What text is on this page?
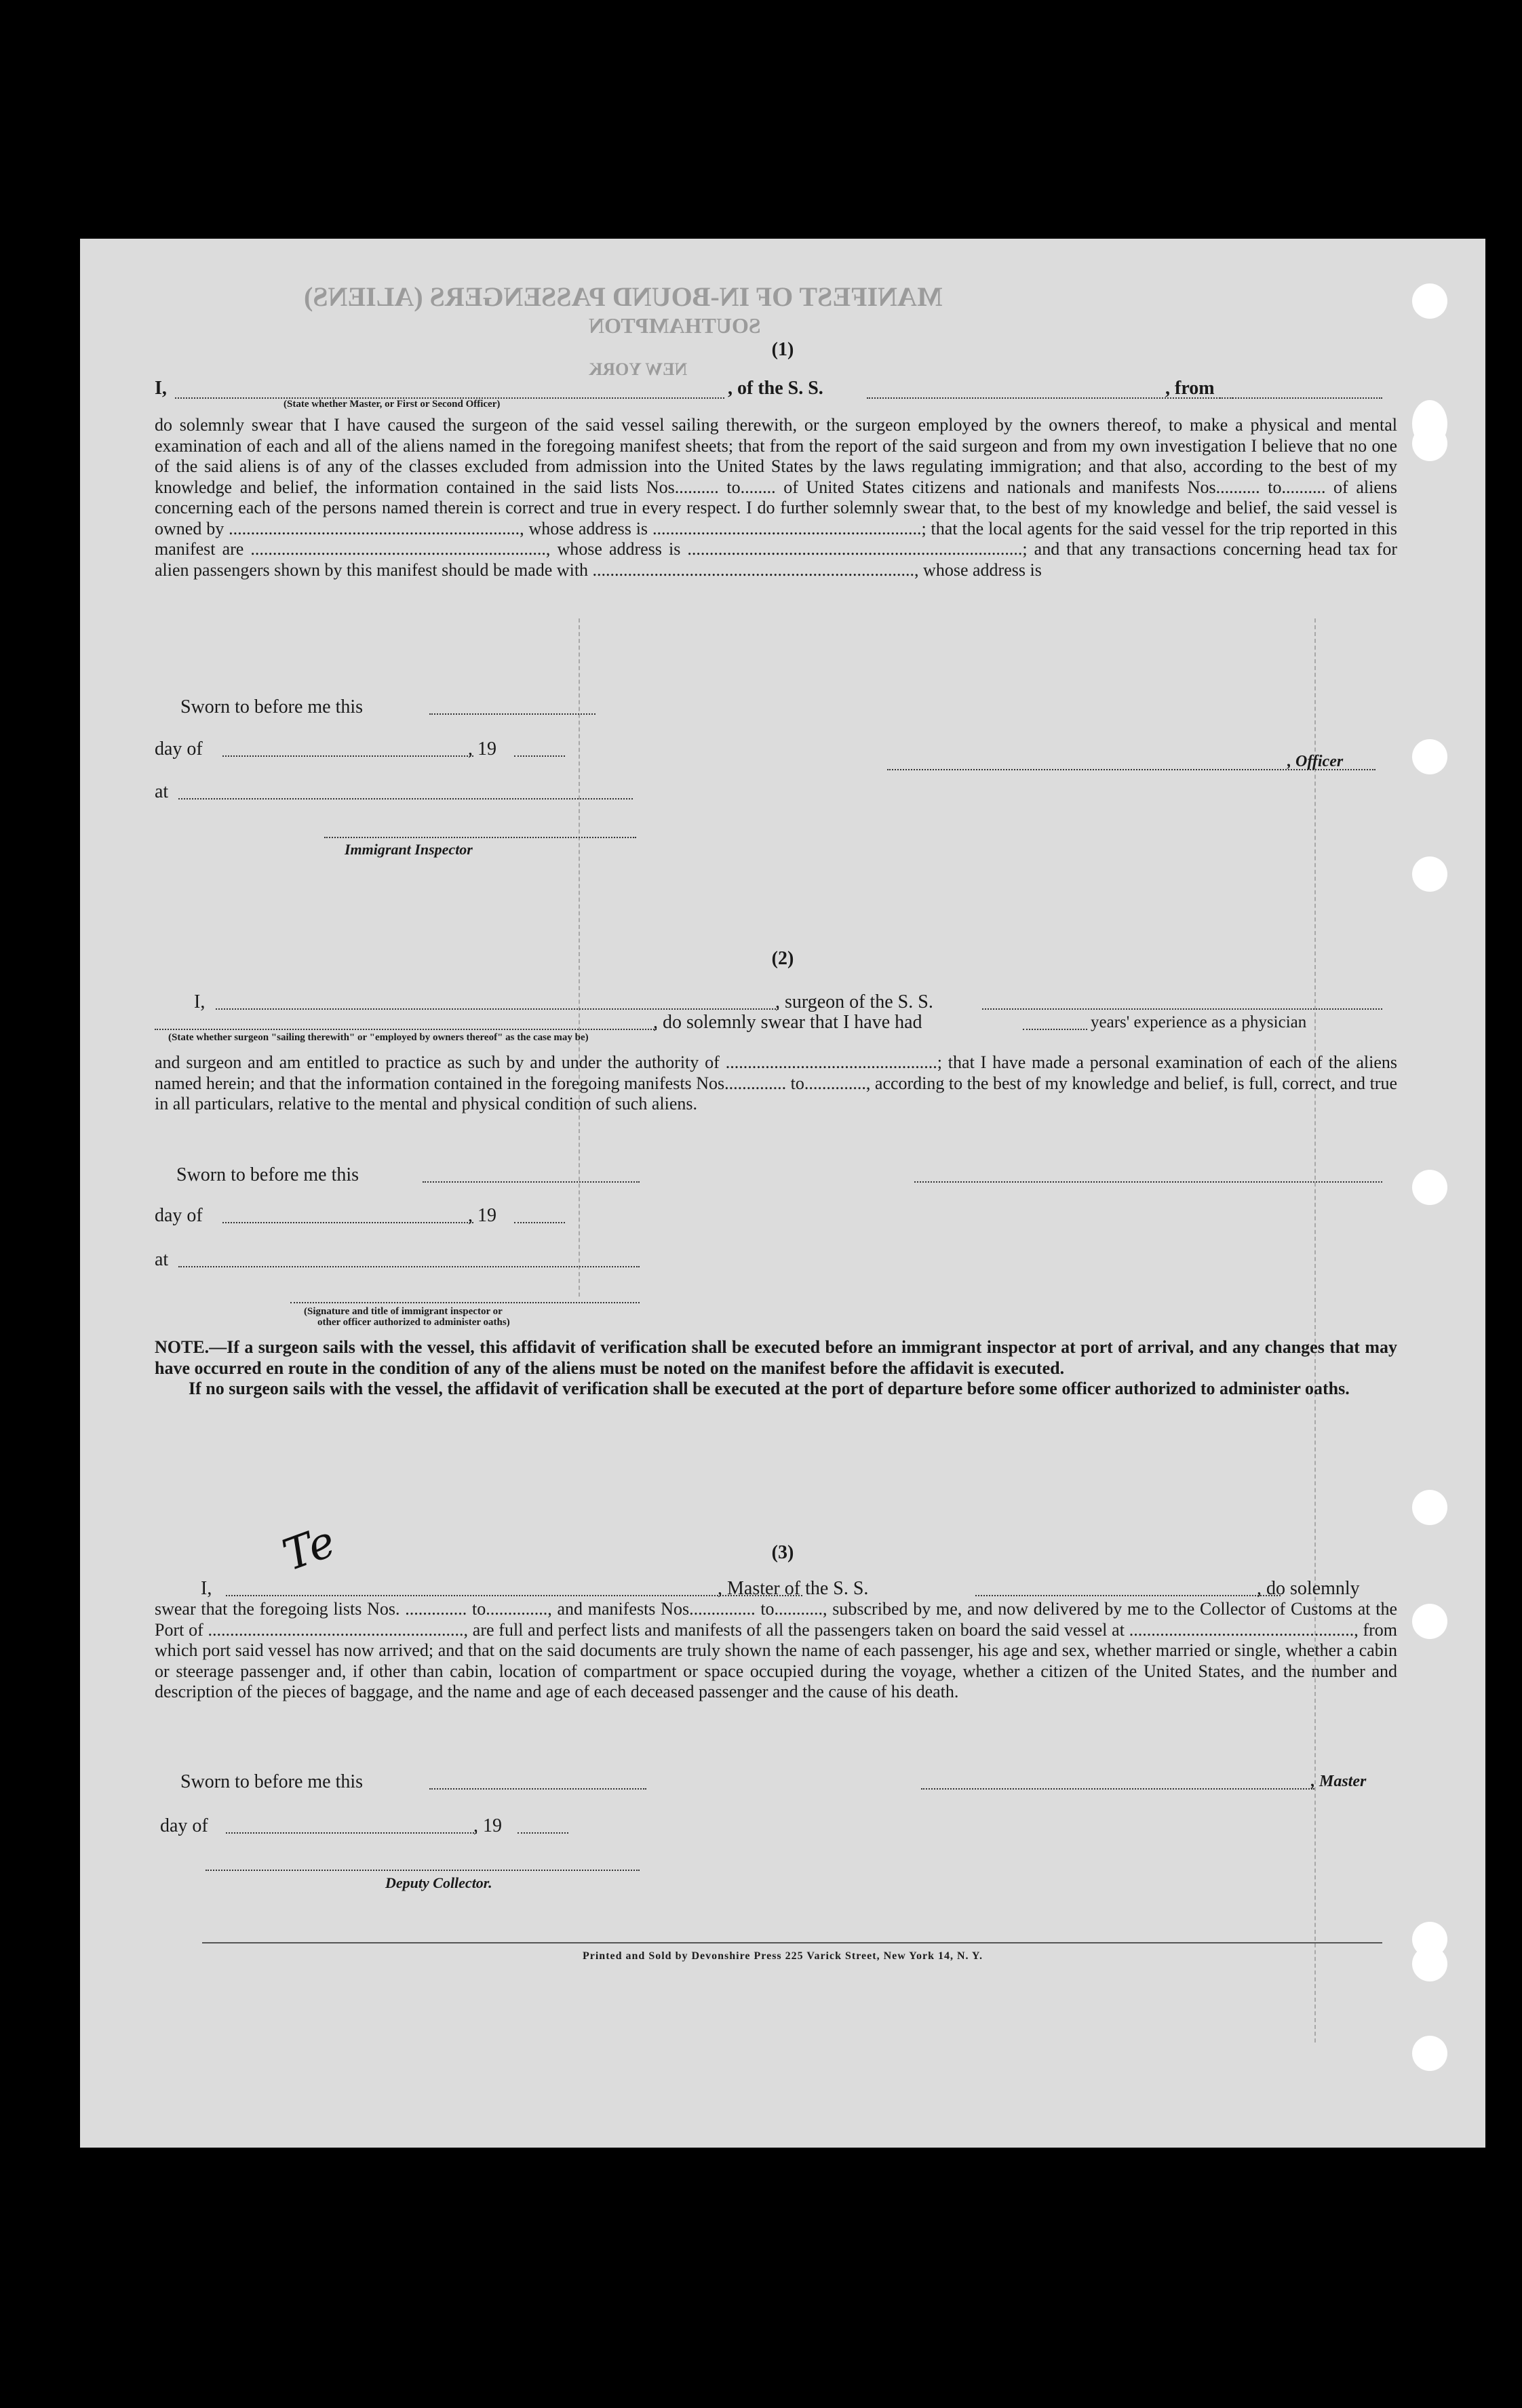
MANIFEST OF IN-BOUND PASSENGERS (ALIENS)
SOUTHAMPTON
NEW YORK
(1)
I,	, of the S. S.	, from
(State whether Master, or First or Second Officer)

do solemnly swear that I have caused the surgeon of the said vessel sailing therewith, or the surgeon employed by the owners thereof, to make a physical and mental examination of each and all of the aliens named in the foregoing manifest sheets; that from the report of the said surgeon and from my own investigation I believe that no one of the said aliens is of any of the classes excluded from admission into the United States by the laws regulating immigration; and that also, according to the best of my knowledge and belief, the information contained in the said lists Nos.......... to........ of United States citizens and nationals and manifests Nos.......... to.......... of aliens concerning each of the persons named therein is correct and true in every respect. I do further solemnly swear that, to the best of my knowledge and belief, the said vessel is owned by .................................................................., whose address is .............................................................; that the local agents for the said vessel for the trip reported in this manifest are ..................................................................., whose address is ............................................................................; and that any transactions concerning head tax for alien passengers shown by this manifest should be made with ........................................................................., whose address is

Sworn to before me this
day of	, 19
, Officer
at
Immigrant Inspector
(2)
I,	, surgeon of the S. S.
, do solemnly swear that I have had	years' experience as a physician
(State whether surgeon "sailing therewith" or "employed by owners thereof" as the case may be)

and surgeon and am entitled to practice as such by and under the authority of ................................................; that I have made a personal examination of each of the aliens named herein; and that the information contained in the foregoing manifests Nos.............. to.............., according to the best of my knowledge and belief, is full, correct, and true in all particulars, relative to the mental and physical condition of such aliens.

Sworn to before me this
day of	, 19
at
(Signature and title of immigrant inspector or
other officer authorized to administer oaths)

NOTE.—If a surgeon sails with the vessel, this affidavit of verification shall be executed before an immigrant inspector at port of arrival, and any changes that may have occurred en route in the condition of any of the aliens must be noted on the manifest before the affidavit is executed.

If no surgeon sails with the vessel, the affidavit of verification shall be executed at the port of departure before some officer authorized to administer oaths.

Te	(3)
I,	, Master of the S. S.	, do solemnly

swear that the foregoing lists Nos. .............. to.............., and manifests Nos............... to..........., subscribed by me, and now delivered by me to the Collector of Customs at the Port of .........................................................., are full and perfect lists and manifests of all the passengers taken on board the said vessel at ..................................................., from which port said vessel has now arrived; and that on the said documents are truly shown the name of each passenger, his age and sex, whether married or single, whether a cabin or steerage passenger and, if other than cabin, location of compartment or space occupied during the voyage, whether a citizen of the United States, and the number and description of the pieces of baggage, and the name and age of each deceased passenger and the cause of his death.

Sworn to before me this	, Master
day of	, 19
Deputy Collector.
Printed and Sold by Devonshire Press 225 Varick Street, New York 14, N. Y.
